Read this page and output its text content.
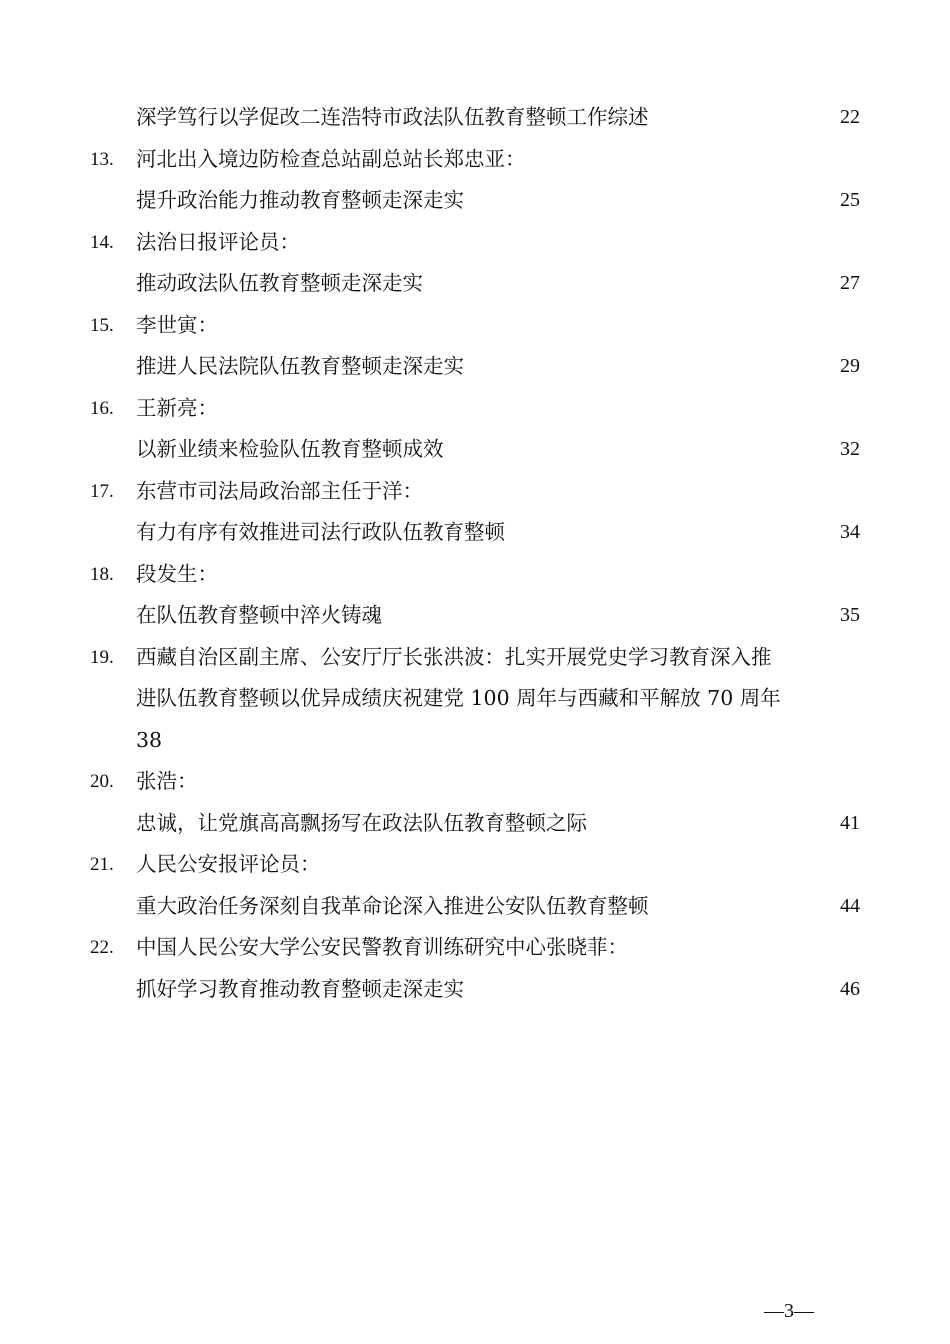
深学笃行以学促改二连浩特市政法队伍教育整顿工作综述	22
13.	河北出入境边防检查总站副总站长郑忠亚：
提升政治能力推动教育整顿走深走实	25
14.	法治日报评论员：
推动政法队伍教育整顿走深走实	27
15.	李世寅：
推进人民法院队伍教育整顿走深走实	29
16.	王新亮：
以新业绩来检验队伍教育整顿成效	32
17.	东营市司法局政治部主任于洋：
有力有序有效推进司法行政队伍教育整顿	34
18.	段发生：
在队伍教育整顿中淬火铸魂	35
19.	西藏自治区副主席、公安厅厅长张洪波：扎实开展党史学习教育深入推
进队伍教育整顿以优异成绩庆祝建党 100 周年与西藏和平解放 70 周年
38
20.	张浩：
忠诚，让党旗高高飘扬写在政法队伍教育整顿之际	41
21.	人民公安报评论员：
重大政治任务深刻自我革命论深入推进公安队伍教育整顿	44
22.	中国人民公安大学公安民警教育训练研究中心张晓菲：
抓好学习教育推动教育整顿走深走实	46
—3—
